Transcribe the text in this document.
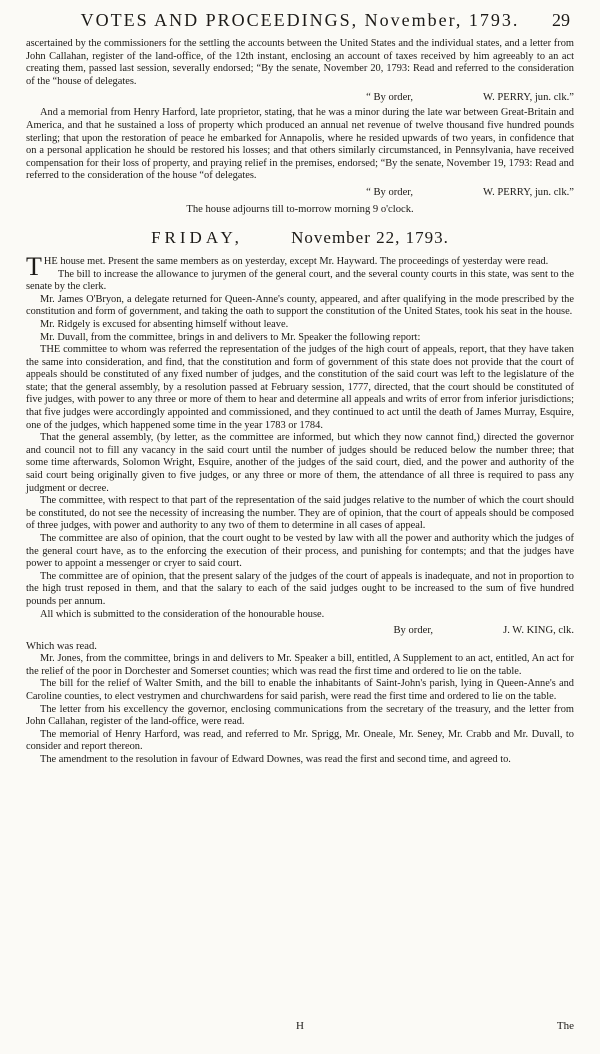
VOTES AND PROCEEDINGS, November, 1793. 29

ascertained by the commissioners for the settling the accounts between the United States and the individual states, and a letter from John Callahan, register of the land-office, of the 12th instant, enclosing an account of taxes received by him agreeably to an act creating them, passed last session, severally endorsed; “By the senate, November 20, 1793: Read and referred to the consideration of the “house of delegates.

“ By order,	W. PERRY, jun. clk.”

And a memorial from Henry Harford, late proprietor, stating, that he was a minor during the late war between Great-Britain and America, and that he sustained a loss of property which produced an annual net revenue of twelve thousand five hundred pounds sterling; that upon the restoration of peace he embarked for Annapolis, where he resided upwards of two years, in confidence that on a personal application he should be restored his losses; and that others similarly circumstanced, in Pennsylvania, have received compensation for their loss of property, and praying relief in the premises, endorsed; “By the senate, November 19, 1793: Read and referred to the consideration of the house “of delegates.

“ By order,	W. PERRY, jun. clk.”
The house adjourns till to-morrow morning 9 o'clock.
FRIDAY,	November 22, 1793.

THE house met. Present the same members as on yesterday, except Mr. Hayward. The proceedings of yesterday were read.

The bill to increase the allowance to jurymen of the general court, and the several county courts in this state, was sent to the senate by the clerk.

Mr. James O'Bryon, a delegate returned for Queen-Anne's county, appeared, and after qualifying in the mode prescribed by the constitution and form of government, and taking the oath to support the constitution of the United States, took his seat in the house.

Mr. Ridgely is excused for absenting himself without leave.

Mr. Duvall, from the committee, brings in and delivers to Mr. Speaker the following report:

THE committee to whom was referred the representation of the judges of the high court of appeals, report, that they have taken the same into consideration, and find, that the constitution and form of government of this state does not provide that the court of appeals should be constituted of any fixed number of judges, and the constitution of the said court was left to the legislature of the state; that the general assembly, by a resolution passed at February session, 1777, directed, that the court should be constituted of five judges, with power to any three or more of them to hear and determine all appeals and writs of error from inferior jurisdictions; that five judges were accordingly appointed and commissioned, and they continued to act until the death of James Murray, Esquire, one of the judges, which happened some time in the year 1783 or 1784.

That the general assembly, (by letter, as the committee are informed, but which they now cannot find,) directed the governor and council not to fill any vacancy in the said court until the number of judges should be reduced below the number three; that some time afterwards, Solomon Wright, Esquire, another of the judges of the said court, died, and the power and authority of the said court being originally given to five judges, or any three or more of them, the attendance of all three is required to pass any judgment or decree.

The committee, with respect to that part of the representation of the said judges relative to the number of which the court should be constituted, do not see the necessity of increasing the number. They are of opinion, that the court of appeals should be composed of three judges, with power and authority to any two of them to determine in all cases of appeal.

The committee are also of opinion, that the court ought to be vested by law with all the power and authority which the judges of the general court have, as to the enforcing the execution of their process, and punishing for contempts; and that the judges have power to appoint a messenger or cryer to said court.

The committee are of opinion, that the present salary of the judges of the court of appeals is inadequate, and not in proportion to the high trust reposed in them, and that the salary to each of the said judges ought to be increased to the sum of five hundred pounds per annum.

All which is submitted to the consideration of the honourable house.

By order,	J. W. KING, clk.
Which was read.

Mr. Jones, from the committee, brings in and delivers to Mr. Speaker a bill, entitled, A Supplement to an act, entitled, An act for the relief of the poor in Dorchester and Somerset counties; which was read the first time and ordered to lie on the table.

The bill for the relief of Walter Smith, and the bill to enable the inhabitants of Saint-John's parish, lying in Queen-Anne's and Caroline counties, to elect vestrymen and churchwardens for said parish, were read the first time and ordered to lie on the table.

The letter from his excellency the governor, enclosing communications from the secretary of the treasury, and the letter from John Callahan, register of the land-office, were read.

The memorial of Henry Harford, was read, and referred to Mr. Sprigg, Mr. Oneale, Mr. Seney, Mr. Crabb and Mr. Duvall, to consider and report thereon.

The amendment to the resolution in favour of Edward Downes, was read the first and second time, and agreed to.

H	The
